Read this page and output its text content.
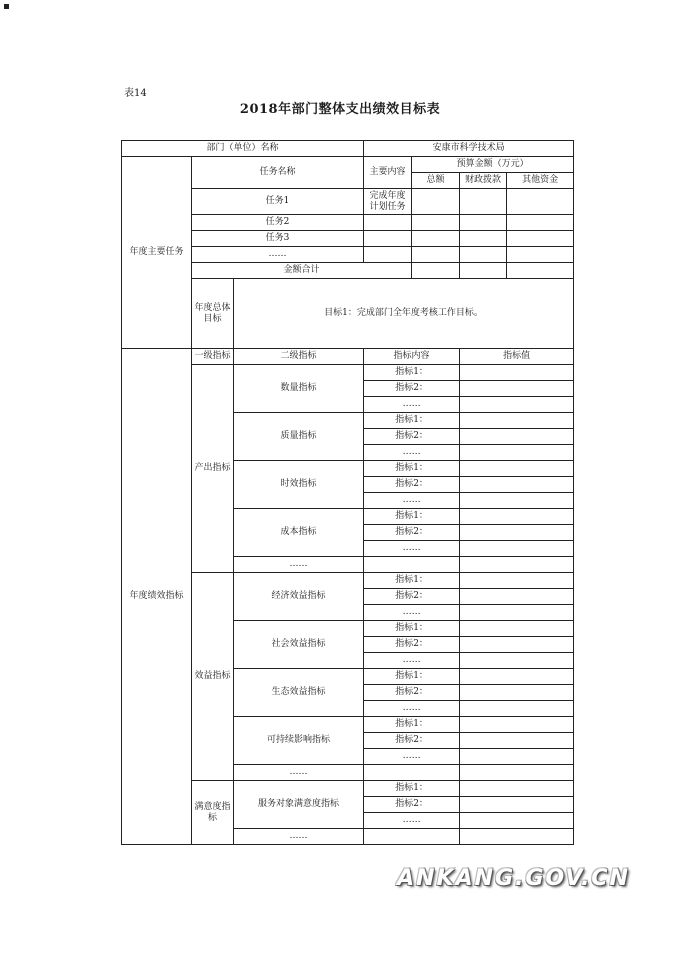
表14
2018年部门整体支出绩效目标表
部门（单位）名称			安康市科学技术局			
年度主要任务	任务名称		主要内容	预算金额（万元）		
				总额	财政拨款	其他资金
	任务1		完成年度计划任务			
	任务2					
	任务3					
	……					
	金额合计					
	年度总体目标	目标1：完成部门全年度考核工作目标。				
年度绩效指标	一级指标	二级指标	指标内容		指标值	
	产出指标	数量指标	指标1：			
			指标2：			
			……			
		质量指标	指标1：			
			指标2：			
			……			
		时效指标	指标1：			
			指标2：			
			……			
		成本指标	指标1：			
			指标2：			
			……			
		……				
	效益指标	经济效益指标	指标1：			
			指标2：			
			……			
		社会效益指标	指标1：			
			指标2：			
			……			
		生态效益指标	指标1：			
			指标2：			
			……			
		可持续影响指标	指标1：			
			指标2：			
			……			
		……				
	满意度指标	服务对象满意度指标	指标1：			
			指标2：			
			……			
		……				
ANKANG.GOV.CN
